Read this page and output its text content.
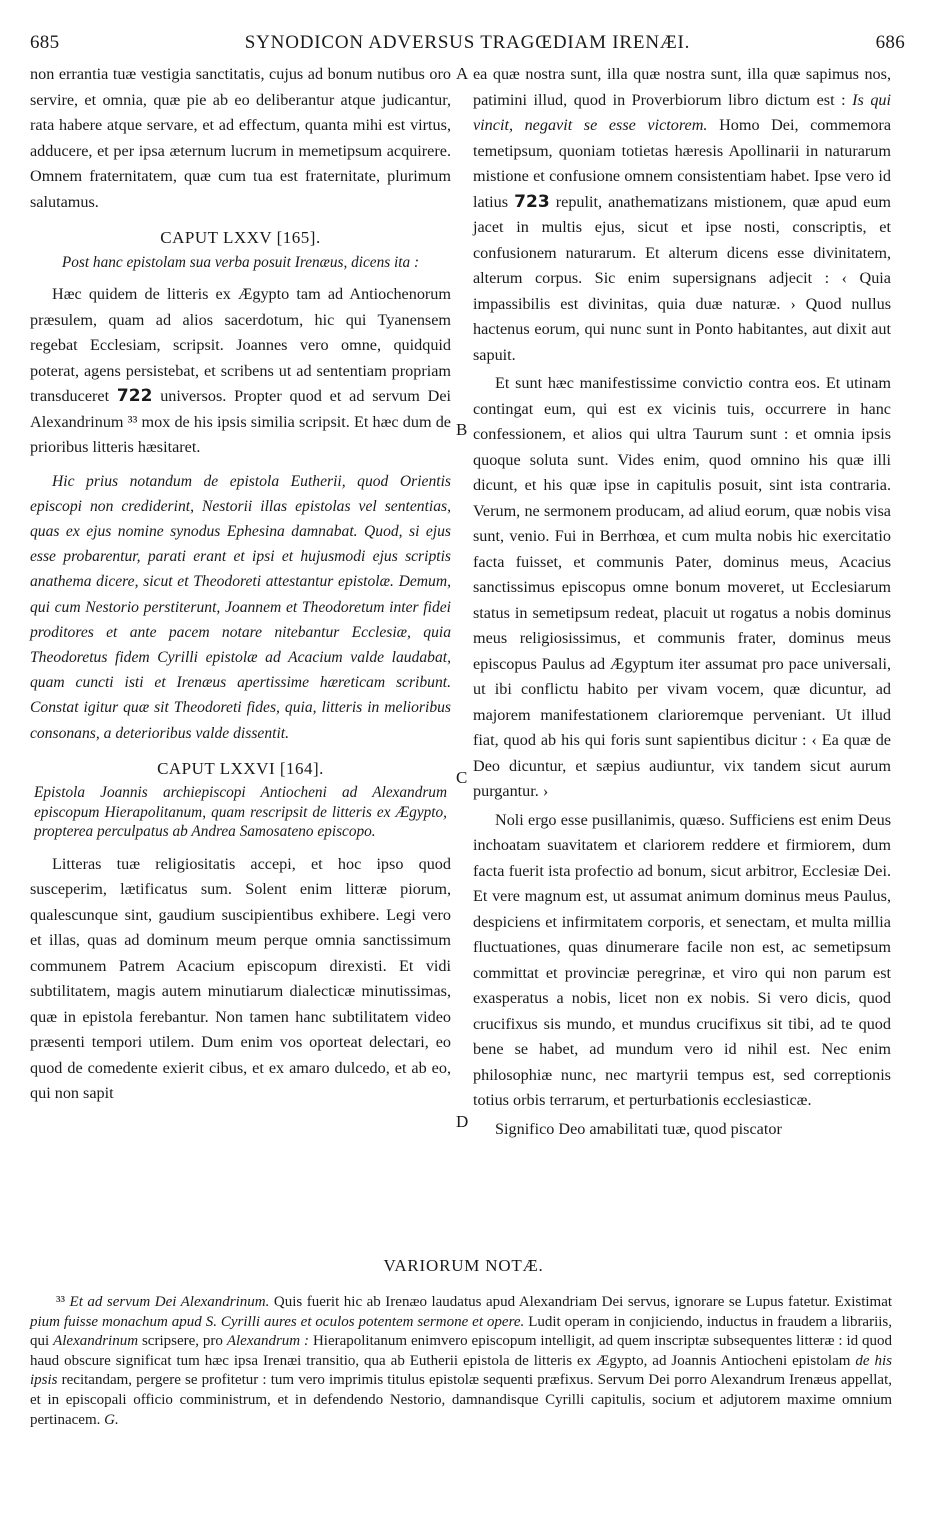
685	SYNODICON ADVERSUS TRAGŒDIAM IRENÆI.	686
A
B
C
D

non errantia tuæ vestigia sanctitatis, cujus ad bonum nutibus oro servire, et omnia, quæ pie ab eo deliberantur atque judicantur, rata habere atque servare, et ad effectum, quanta mihi est virtus, adducere, et per ipsa æternum lucrum in memetipsum acquirere. Omnem fraternitatem, quæ cum tua est fraternitate, plurimum salutamus.

CAPUT LXXV [165].
Post hanc epistolam sua verba posuit Irenæus, dicens ita :

Hæc quidem de litteris ex Ægypto tam ad Antiochenorum præsulem, quam ad alios sacerdotum, hic qui Tyanensem regebat Ecclesiam, scripsit. Joannes vero omne, quidquid poterat, agens persistebat, et scribens ut ad sententiam propriam transduceret 722 universos. Propter quod et ad servum Dei Alexandrinum ³³ mox de his ipsis similia scripsit. Et hæc dum de prioribus litteris hæsitaret.

Hic prius notandum de epistola Eutherii, quod Orientis episcopi non crediderint, Nestorii illas epistolas vel sententias, quas ex ejus nomine synodus Ephesina damnabat. Quod, si ejus esse probarentur, parati erant et ipsi et hujusmodi ejus scriptis anathema dicere, sicut et Theodoreti attestantur epistolæ. Demum, qui cum Nestorio perstiterunt, Joannem et Theodoretum inter fidei proditores et ante pacem notare nitebantur Ecclesiæ, quia Theodoretus fidem Cyrilli epistolæ ad Acacium valde laudabat, quam cuncti isti et Irenæus apertissime hæreticam scribunt. Constat igitur quæ sit Theodoreti fides, quia, litteris in melioribus consonans, a deterioribus valde dissentit.

CAPUT LXXVI [164].
Epistola Joannis archiepiscopi Antiocheni ad Alexandrum episcopum Hierapolitanum, quam rescripsit de litteris ex Ægypto, propterea perculpatus ab Andrea Samosateno episcopo.

Litteras tuæ religiositatis accepi, et hoc ipso quod susceperim, lætificatus sum. Solent enim litteræ piorum, qualescunque sint, gaudium suscipientibus exhibere. Legi vero et illas, quas ad dominum meum perque omnia sanctissimum communem Patrem Acacium episcopum direxisti. Et vidi subtilitatem, magis autem minutiarum dialecticæ minutissimas, quæ in epistola ferebantur. Non tamen hanc subtilitatem video præsenti tempori utilem. Dum enim vos oporteat delectari, eo quod de comedente exierit cibus, et ex amaro dulcedo, et ab eo, qui non sapit

ea quæ nostra sunt, illa quæ nostra sunt, illa quæ sapimus nos, patimini illud, quod in Proverbiorum libro dictum est : Is qui vincit, negavit se esse victorem. Homo Dei, commemora temetipsum, quoniam totietas hæresis Apollinarii in naturarum mistione et confusione omnem consistentiam habet. Ipse vero id latius 723 repulit, anathematizans mistionem, quæ apud eum jacet in multis ejus, sicut et ipse nosti, conscriptis, et confusionem naturarum. Et alterum dicens esse divinitatem, alterum corpus. Sic enim supersignans adjecit : ‹ Quia impassibilis est divinitas, quia duæ naturæ. › Quod nullus hactenus eorum, qui nunc sunt in Ponto habitantes, aut dixit aut sapuit.

Et sunt hæc manifestissime convictio contra eos. Et utinam contingat eum, qui est ex vicinis tuis, occurrere in hanc confessionem, et alios qui ultra Taurum sunt : et omnia ipsis quoque soluta sunt. Vides enim, quod omnino his quæ illi dicunt, et his quæ ipse in capitulis posuit, sint ista contraria. Verum, ne sermonem producam, ad aliud eorum, quæ nobis visa sunt, venio. Fui in Berrhœa, et cum multa nobis hic exercitatio facta fuisset, et communis Pater, dominus meus, Acacius sanctissimus episcopus omne bonum moveret, ut Ecclesiarum status in semetipsum redeat, placuit ut rogatus a nobis dominus meus religiosissimus, et communis frater, dominus meus episcopus Paulus ad Ægyptum iter assumat pro pace universali, ut ibi conflictu habito per vivam vocem, quæ dicuntur, ad majorem manifestationem clarioremque perveniant. Ut illud fiat, quod ab his qui foris sunt sapientibus dicitur : ‹ Ea quæ de Deo dicuntur, et sæpius audiuntur, vix tandem sicut aurum purgantur. ›

Noli ergo esse pusillanimis, quæso. Sufficiens est enim Deus inchoatam suavitatem et clariorem reddere et firmiorem, dum facta fuerit ista profectio ad bonum, sicut arbitror, Ecclesiæ Dei. Et vere magnum est, ut assumat animum dominus meus Paulus, despiciens et infirmitatem corporis, et senectam, et multa millia fluctuationes, quas dinumerare facile non est, ac semetipsum committat et provinciæ peregrinæ, et viro qui non parum est exasperatus a nobis, licet non ex nobis. Si vero dicis, quod crucifixus sis mundo, et mundus crucifixus sit tibi, ad te quod bene se habet, ad mundum vero id nihil est. Nec enim philosophiæ nunc, nec martyrii tempus est, sed correptionis totius orbis terrarum, et perturbationis ecclesiasticæ.

Significo Deo amabilitati tuæ, quod piscator

VARIORUM NOTÆ.

³³ Et ad servum Dei Alexandrinum. Quis fuerit hic ab Irenæo laudatus apud Alexandriam Dei servus, ignorare se Lupus fatetur. Existimat pium fuisse monachum apud S. Cyrilli aures et oculos potentem sermone et opere. Ludit operam in conjiciendo, inductus in fraudem a librariis, qui Alexandrinum scripsere, pro Alexandrum : Hierapolitanum enimvero episcopum intelligit, ad quem inscriptæ subsequentes litteræ : id quod haud obscure significat tum hæc ipsa Irenæi transitio, qua ab Eutherii epistola de litteris ex Ægypto, ad Joannis Antiocheni epistolam de his ipsis recitandam, pergere se profitetur : tum vero imprimis titulus epistolæ sequenti præfixus. Servum Dei porro Alexandrum Irenæus appellat, et in episcopali officio comministrum, et in defendendo Nestorio, damnandisque Cyrilli capitulis, socium et adjutorem maxime omnium pertinacem. G.
